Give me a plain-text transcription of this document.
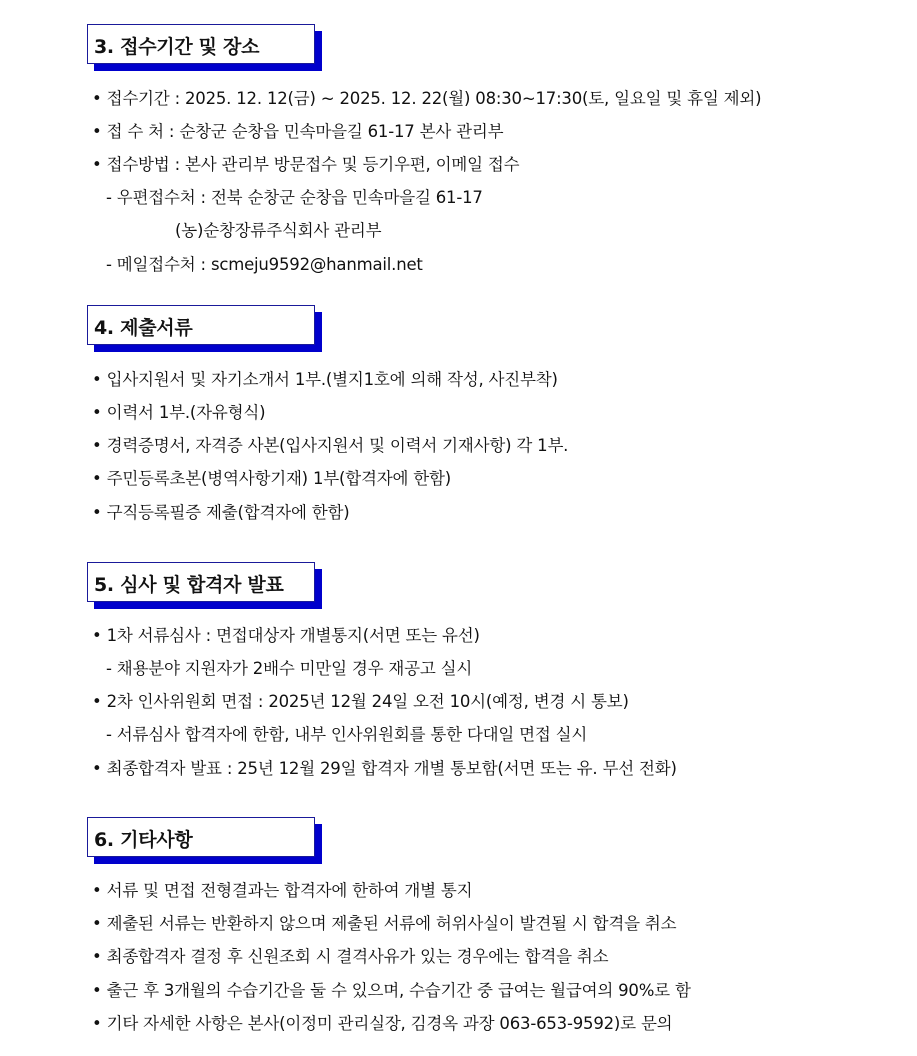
3. 접수기간 및 장소
• 접수기간 : 2025. 12. 12(금) ~ 2025. 12. 22(월) 08:30~17:30(토, 일요일 및 휴일 제외)
• 접 수 처 : 순창군 순창읍 민속마을길 61-17 본사 관리부
• 접수방법 : 본사 관리부 방문접수 및 등기우편, 이메일 접수
- 우편접수처 : 전북 순창군 순창읍 민속마을길 61-17
(농)순창장류주식회사 관리부
- 메일접수처 : scmeju9592@hanmail.net
4. 제출서류
• 입사지원서 및 자기소개서 1부.(별지1호에 의해 작성, 사진부착)
• 이력서 1부.(자유형식)
• 경력증명서, 자격증 사본(입사지원서 및 이력서 기재사항) 각 1부.
• 주민등록초본(병역사항기재) 1부(합격자에 한함)
• 구직등록필증 제출(합격자에 한함)
5. 심사 및 합격자 발표
• 1차 서류심사 : 면접대상자 개별통지(서면 또는 유선)
- 채용분야 지원자가 2배수 미만일 경우 재공고 실시
• 2차 인사위원회 면접 : 2025년 12월 24일 오전 10시(예정, 변경 시 통보)
- 서류심사 합격자에 한함, 내부 인사위원회를 통한 다대일 면접 실시
• 최종합격자 발표 : 25년 12월 29일 합격자 개별 통보함(서면 또는 유. 무선 전화)
6. 기타사항
• 서류 및 면접 전형결과는 합격자에 한하여 개별 통지
• 제출된 서류는 반환하지 않으며 제출된 서류에 허위사실이 발견될 시 합격을 취소
• 최종합격자 결정 후 신원조회 시 결격사유가 있는 경우에는 합격을 취소
• 출근 후 3개월의 수습기간을 둘 수 있으며, 수습기간 중 급여는 월급여의 90%로 함
• 기타 자세한 사항은 본사(이정미 관리실장, 김경옥 과장 063-653-9592)로 문의
